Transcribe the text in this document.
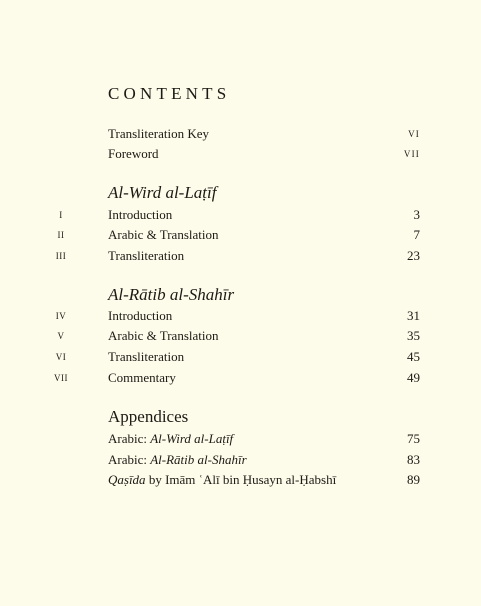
CONTENTS
Transliteration Key	VI
Foreword	VII
Al-Wird al-Laṭīf
I	Introduction	3
II	Arabic & Translation	7
III	Transliteration	23
Al-Rātib al-Shahīr
IV	Introduction	31
V	Arabic & Translation	35
VI	Transliteration	45
VII	Commentary	49
Appendices
Arabic: Al-Wird al-Laṭīf	75
Arabic: Al-Rātib al-Shahīr	83
Qaṣīda by Imām ʿAlī bin Ḥusayn al-Ḥabshī	89
